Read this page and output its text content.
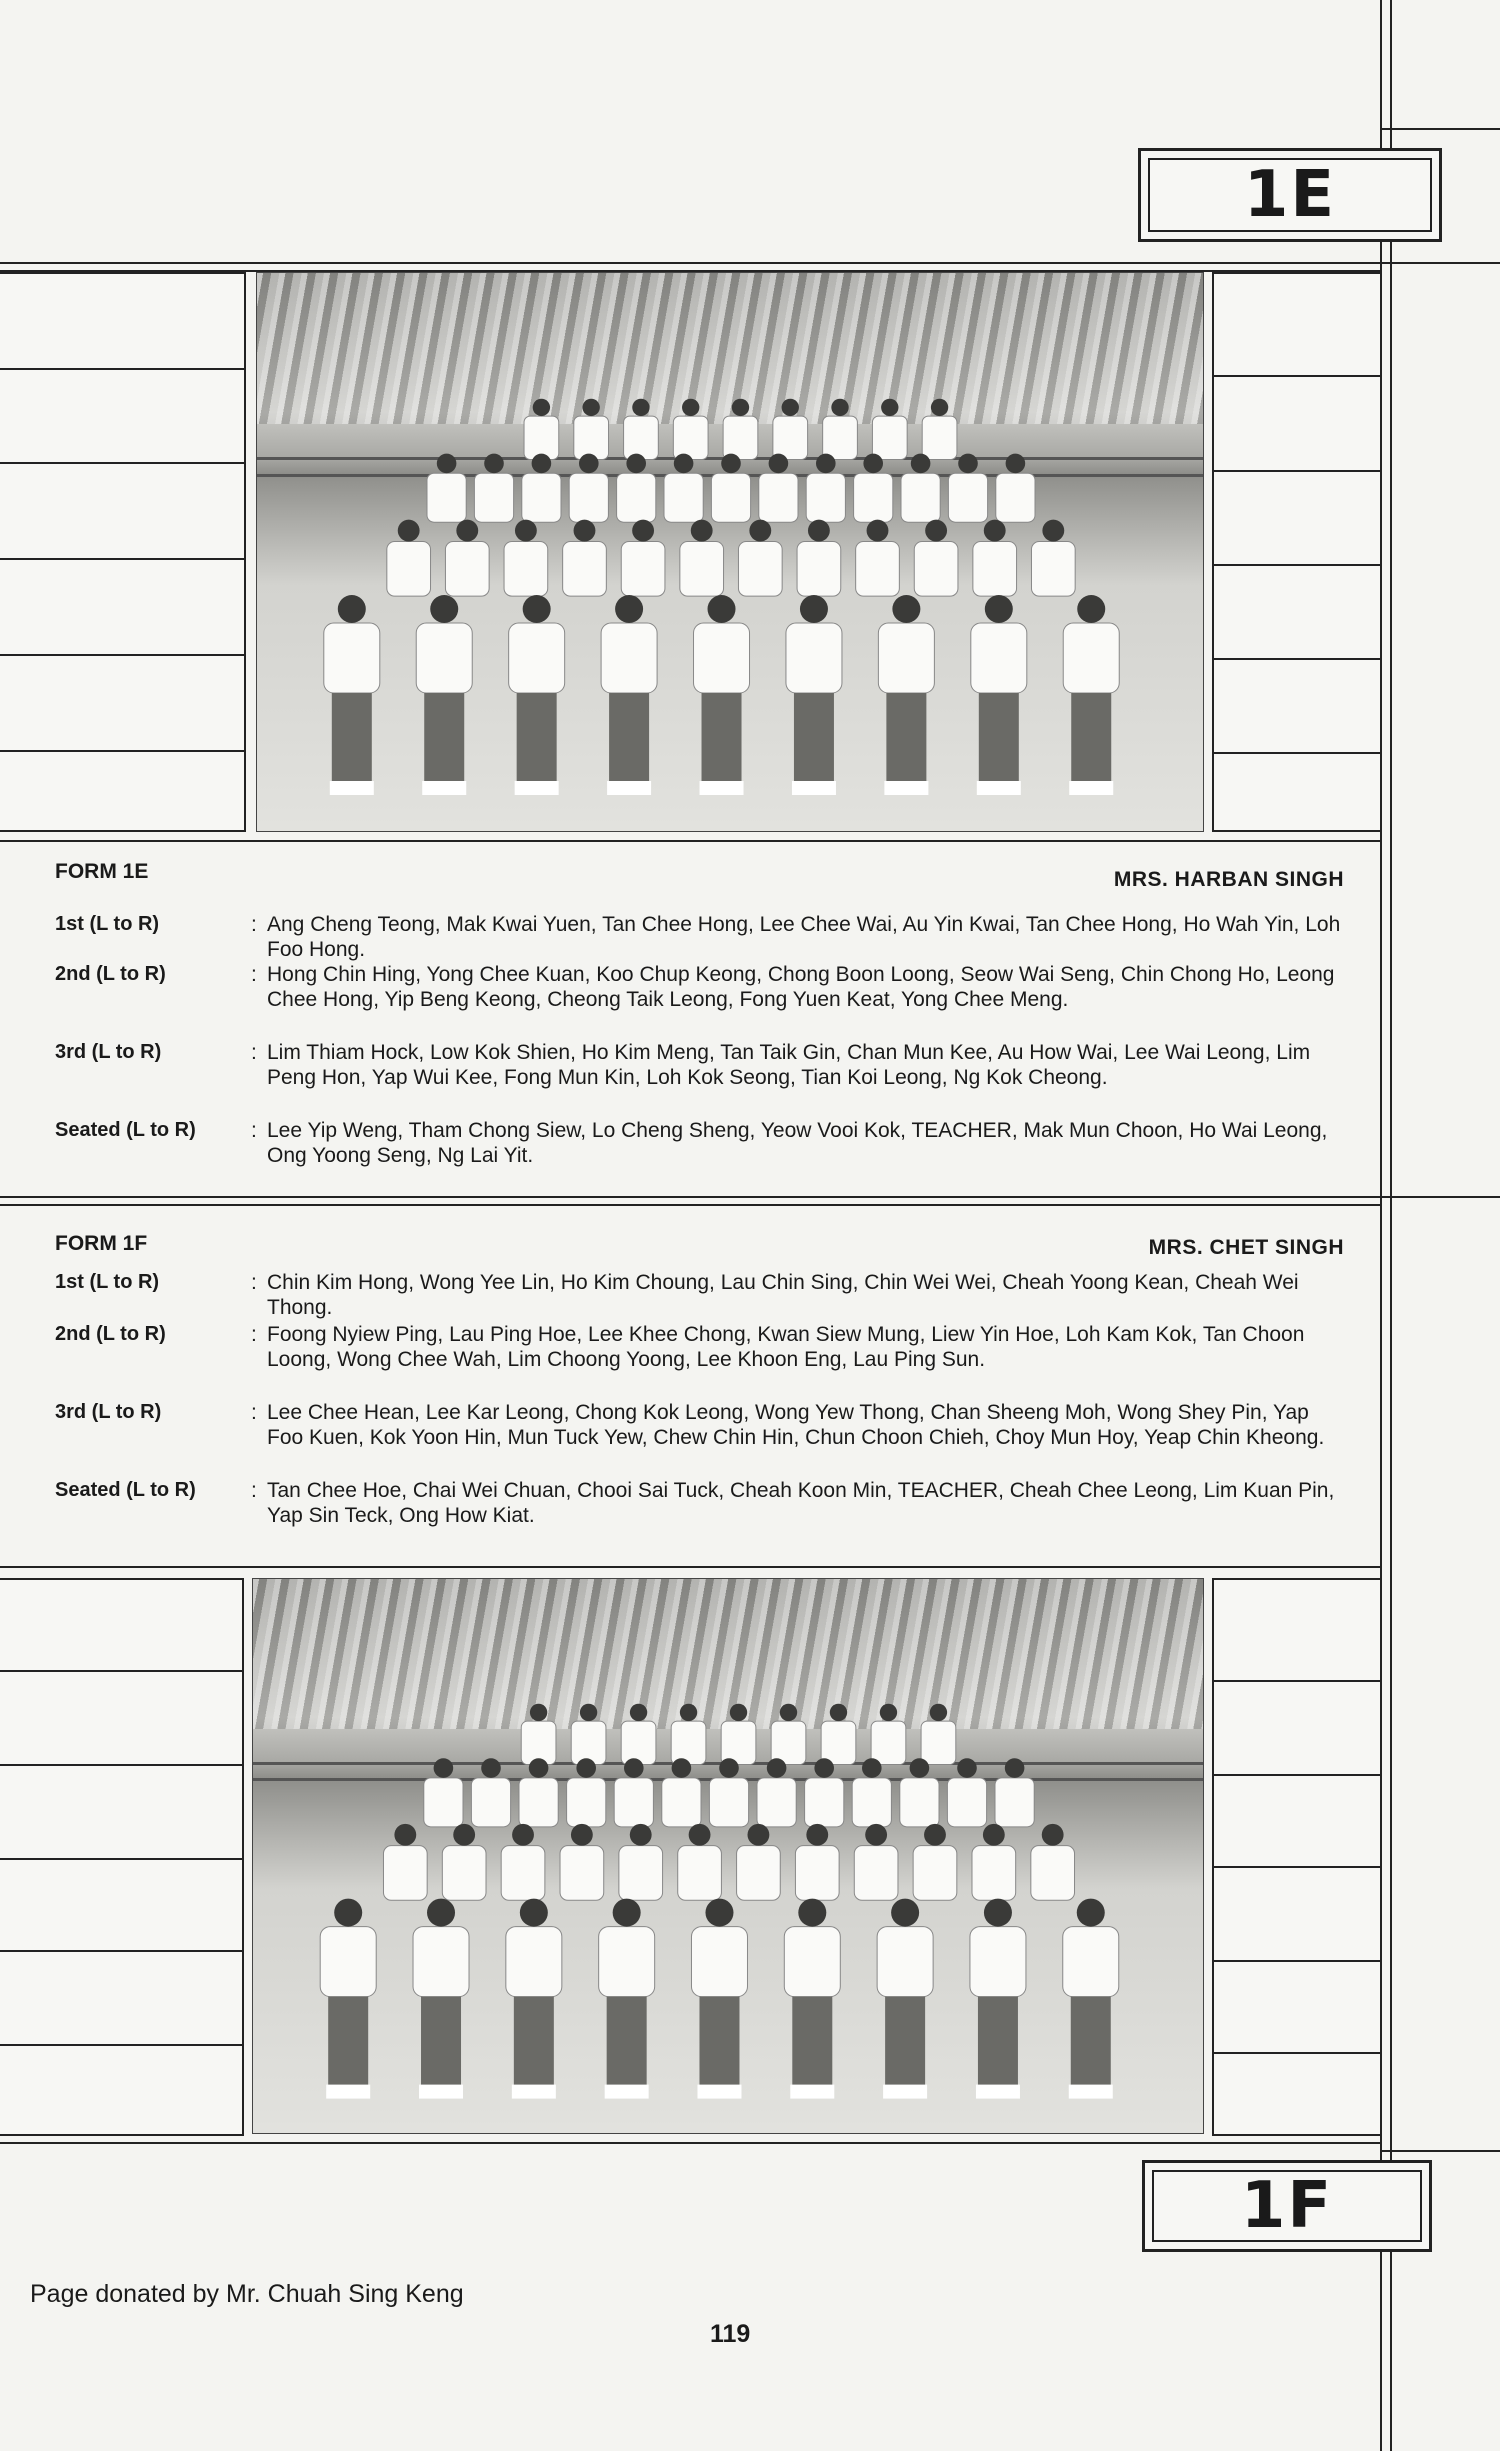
1E
FORM 1E	MRS. HARBAN SINGH
1st (L to R)	: Ang Cheng Teong, Mak Kwai Yuen, Tan Chee Hong, Lee Chee Wai, Au Yin Kwai, Tan Chee Hong, Ho Wah Yin, Loh Foo Hong.
2nd (L to R)	: Hong Chin Hing, Yong Chee Kuan, Koo Chup Keong, Chong Boon Loong, Seow Wai Seng, Chin Chong Ho, Leong Chee Hong, Yip Beng Keong, Cheong Taik Leong, Fong Yuen Keat, Yong Chee Meng.
3rd (L to R)	: Lim Thiam Hock, Low Kok Shien, Ho Kim Meng, Tan Taik Gin, Chan Mun Kee, Au How Wai, Lee Wai Leong, Lim Peng Hon, Yap Wui Kee, Fong Mun Kin, Loh Kok Seong, Tian Koi Leong, Ng Kok Cheong.
Seated (L to R)	: Lee Yip Weng, Tham Chong Siew, Lo Cheng Sheng, Yeow Vooi Kok, TEACHER, Mak Mun Choon, Ho Wai Leong, Ong Yoong Seng, Ng Lai Yit.
FORM 1F	MRS. CHET SINGH
1st (L to R)	: Chin Kim Hong, Wong Yee Lin, Ho Kim Choung, Lau Chin Sing, Chin Wei Wei, Cheah Yoong Kean, Cheah Wei Thong.
2nd (L to R)	: Foong Nyiew Ping, Lau Ping Hoe, Lee Khee Chong, Kwan Siew Mung, Liew Yin Hoe, Loh Kam Kok, Tan Choon Loong, Wong Chee Wah, Lim Choong Yoong, Lee Khoon Eng, Lau Ping Sun.
3rd (L to R)	: Lee Chee Hean, Lee Kar Leong, Chong Kok Leong, Wong Yew Thong, Chan Sheeng Moh, Wong Shey Pin, Yap Foo Kuen, Kok Yoon Hin, Mun Tuck Yew, Chew Chin Hin, Chun Choon Chieh, Choy Mun Hoy, Yeap Chin Kheong.
Seated (L to R)	: Tan Chee Hoe, Chai Wei Chuan, Chooi Sai Tuck, Cheah Koon Min, TEACHER, Cheah Chee Leong, Lim Kuan Pin, Yap Sin Teck, Ong How Kiat.
1F
Page donated by Mr. Chuah Sing Keng
119
